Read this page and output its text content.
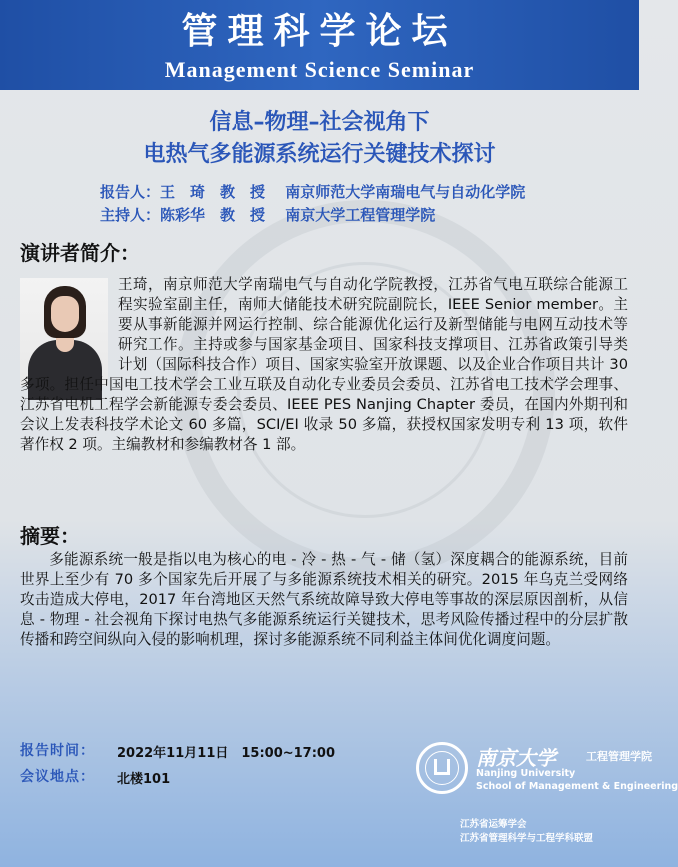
管理科学论坛
Management Science Seminar
信息–物理–社会视角下
电热气多能源系统运行关键技术探讨
报告人：王　琦　教　授　 南京师范大学南瑞电气与自动化学院
主持人：陈彩华　教　授　 南京大学工程管理学院
演讲者简介：
王琦，南京师范大学南瑞电气与自动化学院教授，江苏省气电互联综合能源工程实验室副主任，南师大储能技术研究院副院长，IEEE Senior member。主要从事新能源并网运行控制、综合能源优化运行及新型储能与电网互动技术等研究工作。主持或参与国家基金项目、国家科技支撑项目、江苏省政策引导类计划（国际科技合作）项目、国家实验室开放课题、以及企业合作项目共计 30 多项。担任中国电工技术学会工业互联及自动化专业委员会委员、江苏省电工技术学会理事、江苏省电机工程学会新能源专委会委员、IEEE PES Nanjing Chapter 委员，在国内外期刊和会议上发表科技学术论文 60 多篇，SCI/EI 收录 50 多篇，获授权国家发明专利 13 项，软件著作权 2 项。主编教材和参编教材各 1 部。
摘要：
多能源系统一般是指以电为核心的电 - 冷 - 热 - 气 - 储（氢）深度耦合的能源系统，目前世界上至少有 70 多个国家先后开展了与多能源系统技术相关的研究。2015 年乌克兰受网络攻击造成大停电，2017 年台湾地区天然气系统故障导致大停电等事故的深层原因剖析，从信息 - 物理 - 社会视角下探讨电热气多能源系统运行关键技术，思考风险传播过程中的分层扩散传播和跨空间纵向入侵的影响机理，探讨多能源系统不同利益主体间优化调度问题。
报告时间： 2022年11月11日　15:00~17:00
会议地点： 北楼101
南京大学	工程管理学院
Nanjing University
School of Management & Engineering
江苏省运筹学会
江苏省管理科学与工程学科联盟
